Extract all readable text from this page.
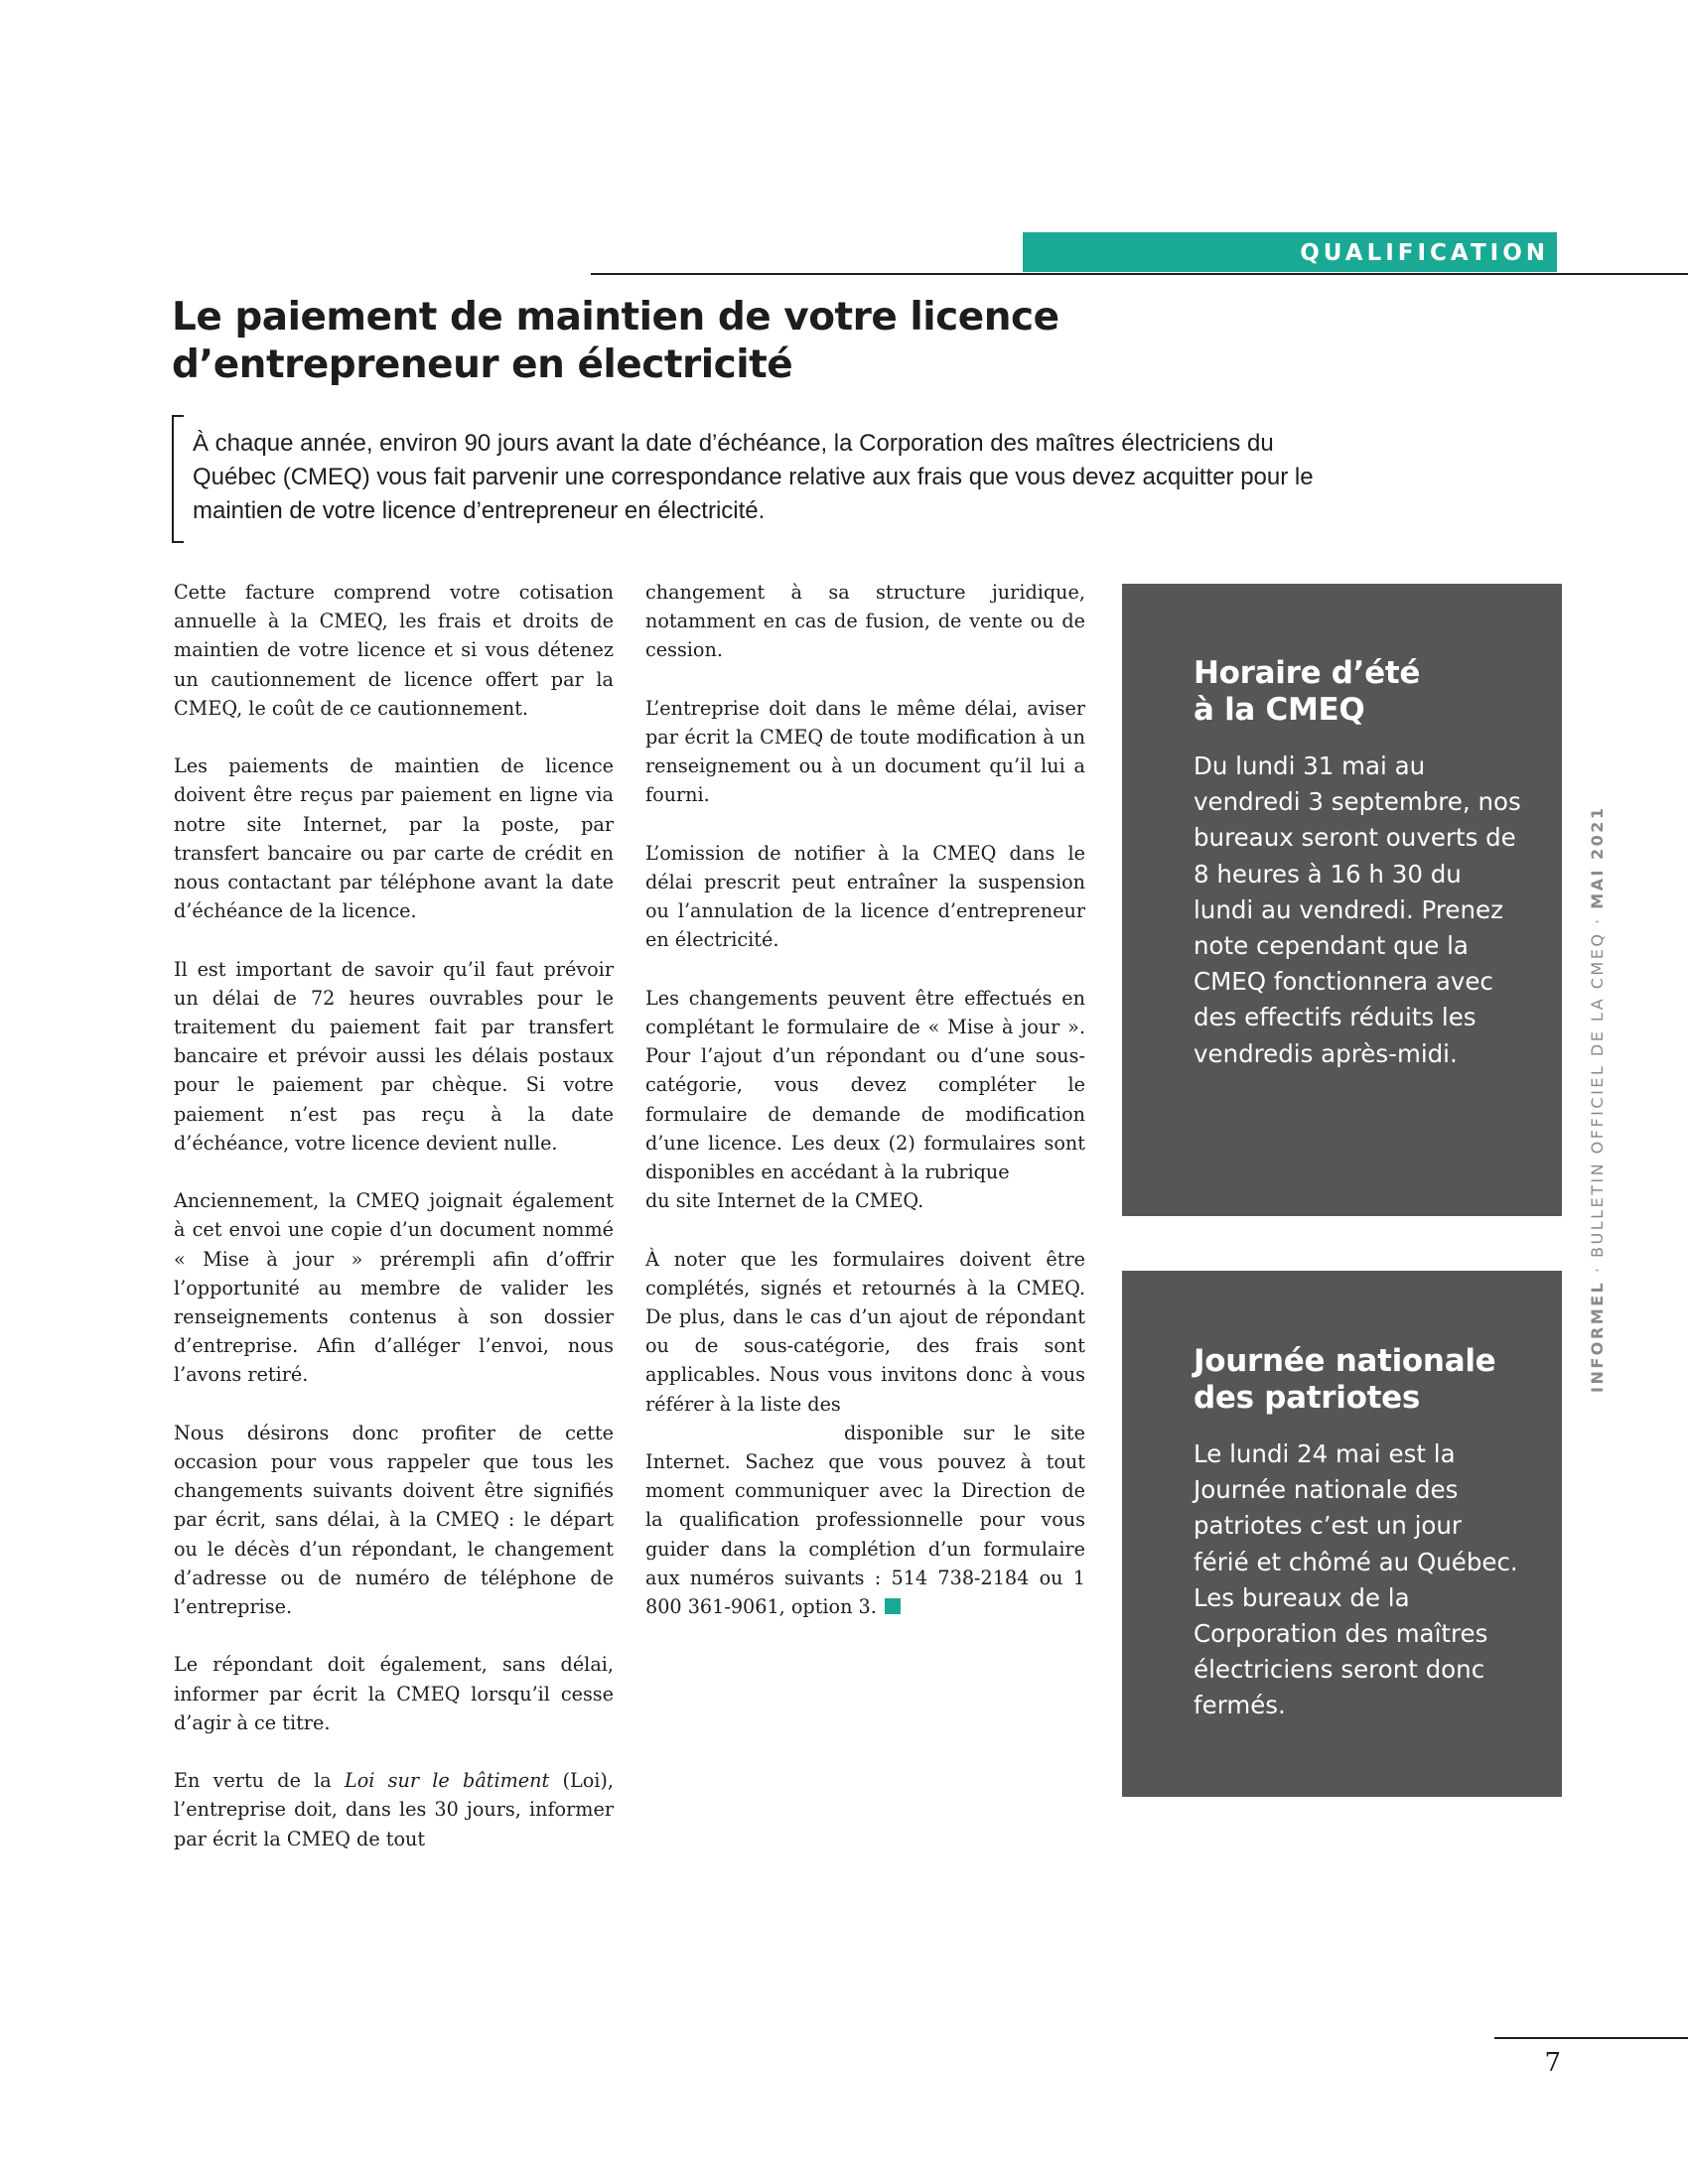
QUALIFICATION
Le paiement de maintien de votre licence
d’entrepreneur en électricité

À chaque année, environ 90 jours avant la date d’échéance, la Corporation des maîtres électriciens du Québec (CMEQ) vous fait parvenir une correspondance relative aux frais que vous devez acquitter pour le maintien de votre licence d’entrepreneur en électricité.

Cette facture comprend votre cotisation annuelle à la CMEQ, les frais et droits de maintien de votre licence et si vous détenez un cautionnement de licence offert par la CMEQ, le coût de ce cautionnement.

Les paiements de maintien de licence doivent être reçus par paiement en ligne via notre site Internet, par la poste, par transfert bancaire ou par carte de crédit en nous contactant par téléphone avant la date d’échéance de la licence.

Il est important de savoir qu’il faut prévoir un délai de 72 heures ouvrables pour le traitement du paiement fait par transfert bancaire et prévoir aussi les délais postaux pour le paiement par chèque. Si votre paiement n’est pas reçu à la date d’échéance, votre licence devient nulle.

Anciennement, la CMEQ joignait également à cet envoi une copie d’un document nommé « Mise à jour » prérempli afin d’offrir l’opportunité au membre de valider les renseignements contenus à son dossier d’entreprise. Afin d’alléger l’envoi, nous l’avons retiré.

Nous désirons donc profiter de cette occasion pour vous rappeler que tous les changements suivants doivent être signifiés par écrit, sans délai, à la CMEQ : le départ ou le décès d’un répondant, le changement d’adresse ou de numéro de téléphone de l’entreprise.

Le répondant doit également, sans délai, informer par écrit la CMEQ lorsqu’il cesse d’agir à ce titre.

En vertu de la Loi sur le bâtiment (Loi), l’entreprise doit, dans les 30 jours, informer par écrit la CMEQ de tout

changement à sa structure juridique, notamment en cas de fusion, de vente ou de cession.

L’entreprise doit dans le même délai, aviser par écrit la CMEQ de toute modification à un renseignement ou à un document qu’il lui a fourni.

L’omission de notifier à la CMEQ dans le délai prescrit peut entraîner la suspension ou l’annulation de la licence d’entrepreneur en électricité.

Les changements peuvent être effectués en complétant le formulaire de « Mise à jour ». Pour l’ajout d’un répondant ou d’une sous-catégorie, vous devez compléter le formulaire de demande de modification d’une licence. Les deux (2) formulaires sont disponibles en accédant à la rubrique
du site Internet de la CMEQ.

À noter que les formulaires doivent être complétés, signés et retournés à la CMEQ. De plus, dans le cas d’un ajout de répondant ou de sous-catégorie, des frais sont applicables. Nous vous invitons donc à vous référer à la liste des
disponible sur le site Internet. Sachez que vous pouvez à tout moment communiquer avec la Direction de la qualification professionnelle pour vous guider dans la complétion d’un formulaire aux numéros suivants : 514 738-2184 ou 1 800 361-9061, option 3.

Horaire d’été
à la CMEQ

Du lundi 31 mai au vendredi 3 septembre, nos bureaux seront ouverts de 8 heures à 16 h 30 du lundi au vendredi. Prenez note cependant que la CMEQ fonctionnera avec des effectifs réduits les vendredis après-midi.

Journée nationale
des patriotes

Le lundi 24 mai est la Journée nationale des patriotes c’est un jour férié et chômé au Québec. Les bureaux de la Corporation des maîtres électriciens seront donc fermés.

INFORMEL · BULLETIN OFFICIEL DE LA CMEQ · MAI 2021
7
